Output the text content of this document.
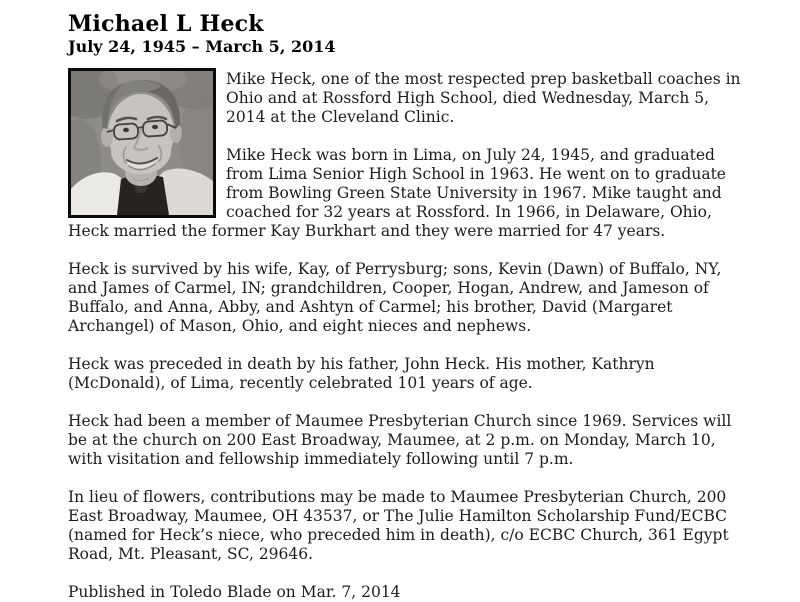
Michael L Heck
July 24, 1945 – March 5, 2014

Mike Heck, one of the most respected prep basketball coaches in Ohio and at Rossford High School, died Wednesday, March 5, 2014 at the Cleveland Clinic.

Mike Heck was born in Lima, on July 24, 1945, and graduated from Lima Senior High School in 1963. He went on to graduate from Bowling Green State University in 1967. Mike taught and coached for 32 years at Rossford. In 1966, in Delaware, Ohio, Heck married the former Kay Burkhart and they were married for 47 years.

Heck is survived by his wife, Kay, of Perrysburg; sons, Kevin (Dawn) of Buffalo, NY, and James of Carmel, IN; grandchildren, Cooper, Hogan, Andrew, and Jameson of Buffalo, and Anna, Abby, and Ashtyn of Carmel; his brother, David (Margaret Archangel) of Mason, Ohio, and eight nieces and nephews.

Heck was preceded in death by his father, John Heck. His mother, Kathryn (McDonald), of Lima, recently celebrated 101 years of age.

Heck had been a member of Maumee Presbyterian Church since 1969. Services will be at the church on 200 East Broadway, Maumee, at 2 p.m. on Monday, March 10, with visitation and fellowship immediately following until 7 p.m.

In lieu of flowers, contributions may be made to Maumee Presbyterian Church, 200 East Broadway, Maumee, OH 43537, or The Julie Hamilton Scholarship Fund/ECBC (named for Heck’s niece, who preceded him in death), c/o ECBC Church, 361 Egypt Road, Mt. Pleasant, SC, 29646.

Published in Toledo Blade on Mar. 7, 2014
